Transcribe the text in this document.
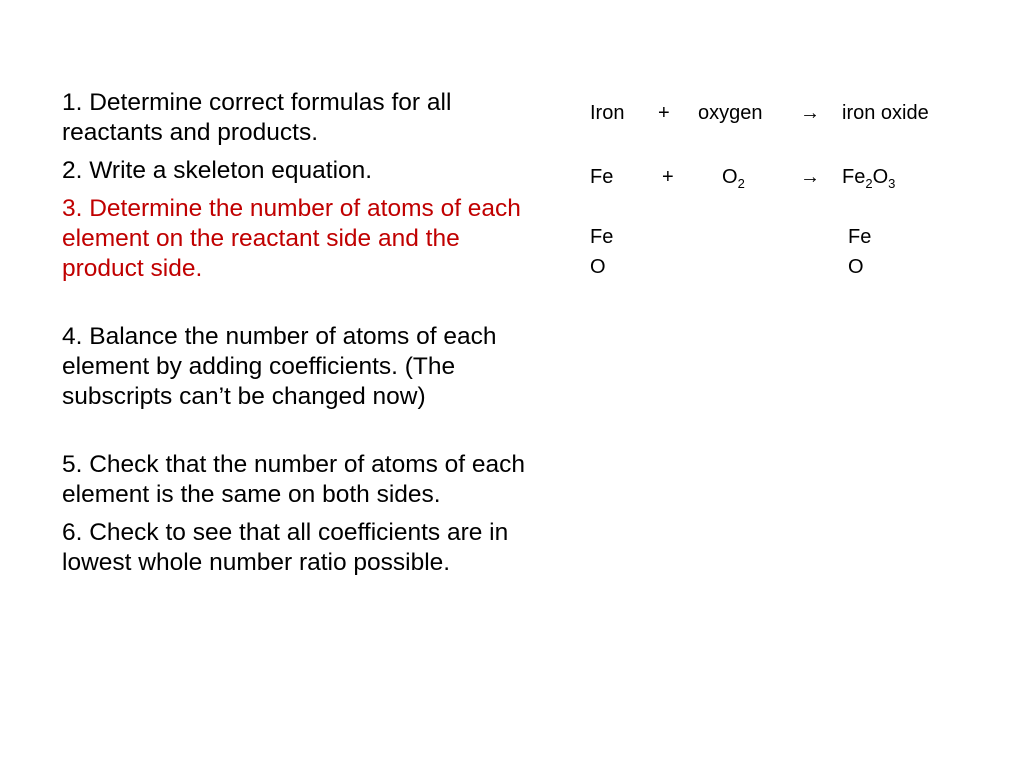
1. Determine correct formulas for all reactants and products.

2. Write a skeleton equation.

3. Determine the number of atoms of each element on the reactant side and the product side.

4. Balance the number of atoms of each element by adding coefficients. (The subscripts can’t be changed now)

5. Check that the number of atoms of each element is the same on both sides.

6. Check to see that all coefficients are in lowest whole number ratio possible.

Iron + oxygen → iron oxide
$Fe + O_2$	→ $Fe_2O_3$
Fe	Fe
O	O
